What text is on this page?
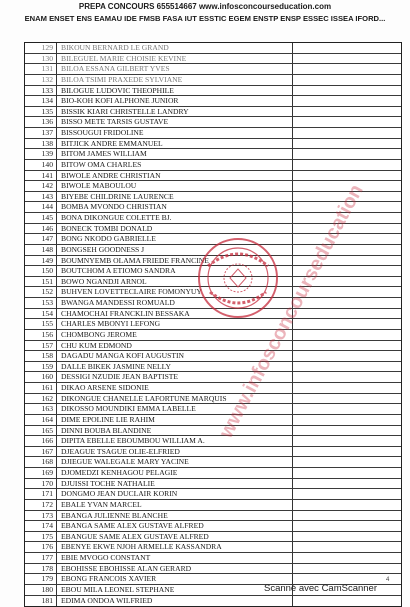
PREPA CONCOURS 655514667 www.infosconcourseducation.com
ENAM ENSET ENS EAMAU IDE FMSB FASA IUT ESSTIC EGEM ENSTP ENSP ESSEC ISSEA IFORD...
129	BIKOUN BERNARD LE GRAND
130	BILEGUEL MARIE CHOISIE KEVINE
131	BILOA ESSANA GILBERT YVES
132	BILOA TSIMI PRAXEDE SYLVIANE
133	BILOGUE LUDOVIC THEOPHILE
134	BIO-KOH KOFI ALPHONE JUNIOR
135	BISSIK KIARI CHRISTELLE LANDRY
136	BISSO METE TARSIS GUSTAVE
137	BISSOUGUI FRIDOLINE
138	BITJICK ANDRE EMMANUEL
139	BITOM JAMES WILLIAM
140	BITOW OMA CHARLES
141	BIWOLE ANDRE CHRISTIAN
142	BIWOLE MABOULOU
143	BIYEBE CHILDRINE LAURENCE
144	BOMBA MVONDO CHRISTIAN
145	BONA DIKONGUE COLETTE BJ.
146	BONECK TOMBI DONALD
147	BONG NKODO GABRIELLE
148	BONGSEH GOODNESS J
149	BOUMNYEMB OLAMA FRIEDE FRANCINE
150	BOUTCHOM A ETIOMO SANDRA
151	BOWO NGANDJI ARNOL
152	BUHVEN LOVETTECLAIRE FOMONYUY
153	BWANGA MANDESSI ROMUALD
154	CHAMOCHAI FRANCKLIN BESSAKA
155	CHARLES MBONYI LEFONG
156	CHOMBONG JEROME
157	CHU KUM EDMOND
158	DAGADU MANGA KOFI AUGUSTIN
159	DALLE BIKEK JASMINE NELLY
160	DESSIGI NZUDIE JEAN BAPTISTE
161	DIKAO ARSENE SIDONIE
162	DIKONGUE CHANELLE LAFORTUNE MARQUIS
163	DIKOSSO MOUNDIKI EMMA LABELLE
164	DIME EPOLINE LIE RAHIM
165	DINNI BOUBA BLANDINE
166	DIPITA EBELLE EBOUMBOU WILLIAM A.
167	DJEAGUE TSAGUE OLIE-ELFRIED
168	DJIEGUE WALEGALE MARY YACINE
169	DJOMEDZI KENHAGOU PELAGIE
170	DJUISSI TOCHE NATHALIE
171	DONGMO JEAN DUCLAIR KORIN
172	EBALE YVAN MARCEL
173	EBANGA JULIENNE BLANCHE
174	EBANGA SAME ALEX GUSTAVE ALFRED
175	EBANGUE SAME ALEX GUSTAVE ALFRED
176	EBENYE EKWE NJOH ARMELLE KASSANDRA
177	EBIE MVOGO CONSTANT
178	EBOHISSE EBOHISSE ALAN GERARD
179	EBONG FRANCOIS XAVIER
180	EBOU MILA LEONEL STEPHANE
181	EDIMA ONDOA WILFRIED
www.infosconcourseducation
4
Scanné avec CamScanner
